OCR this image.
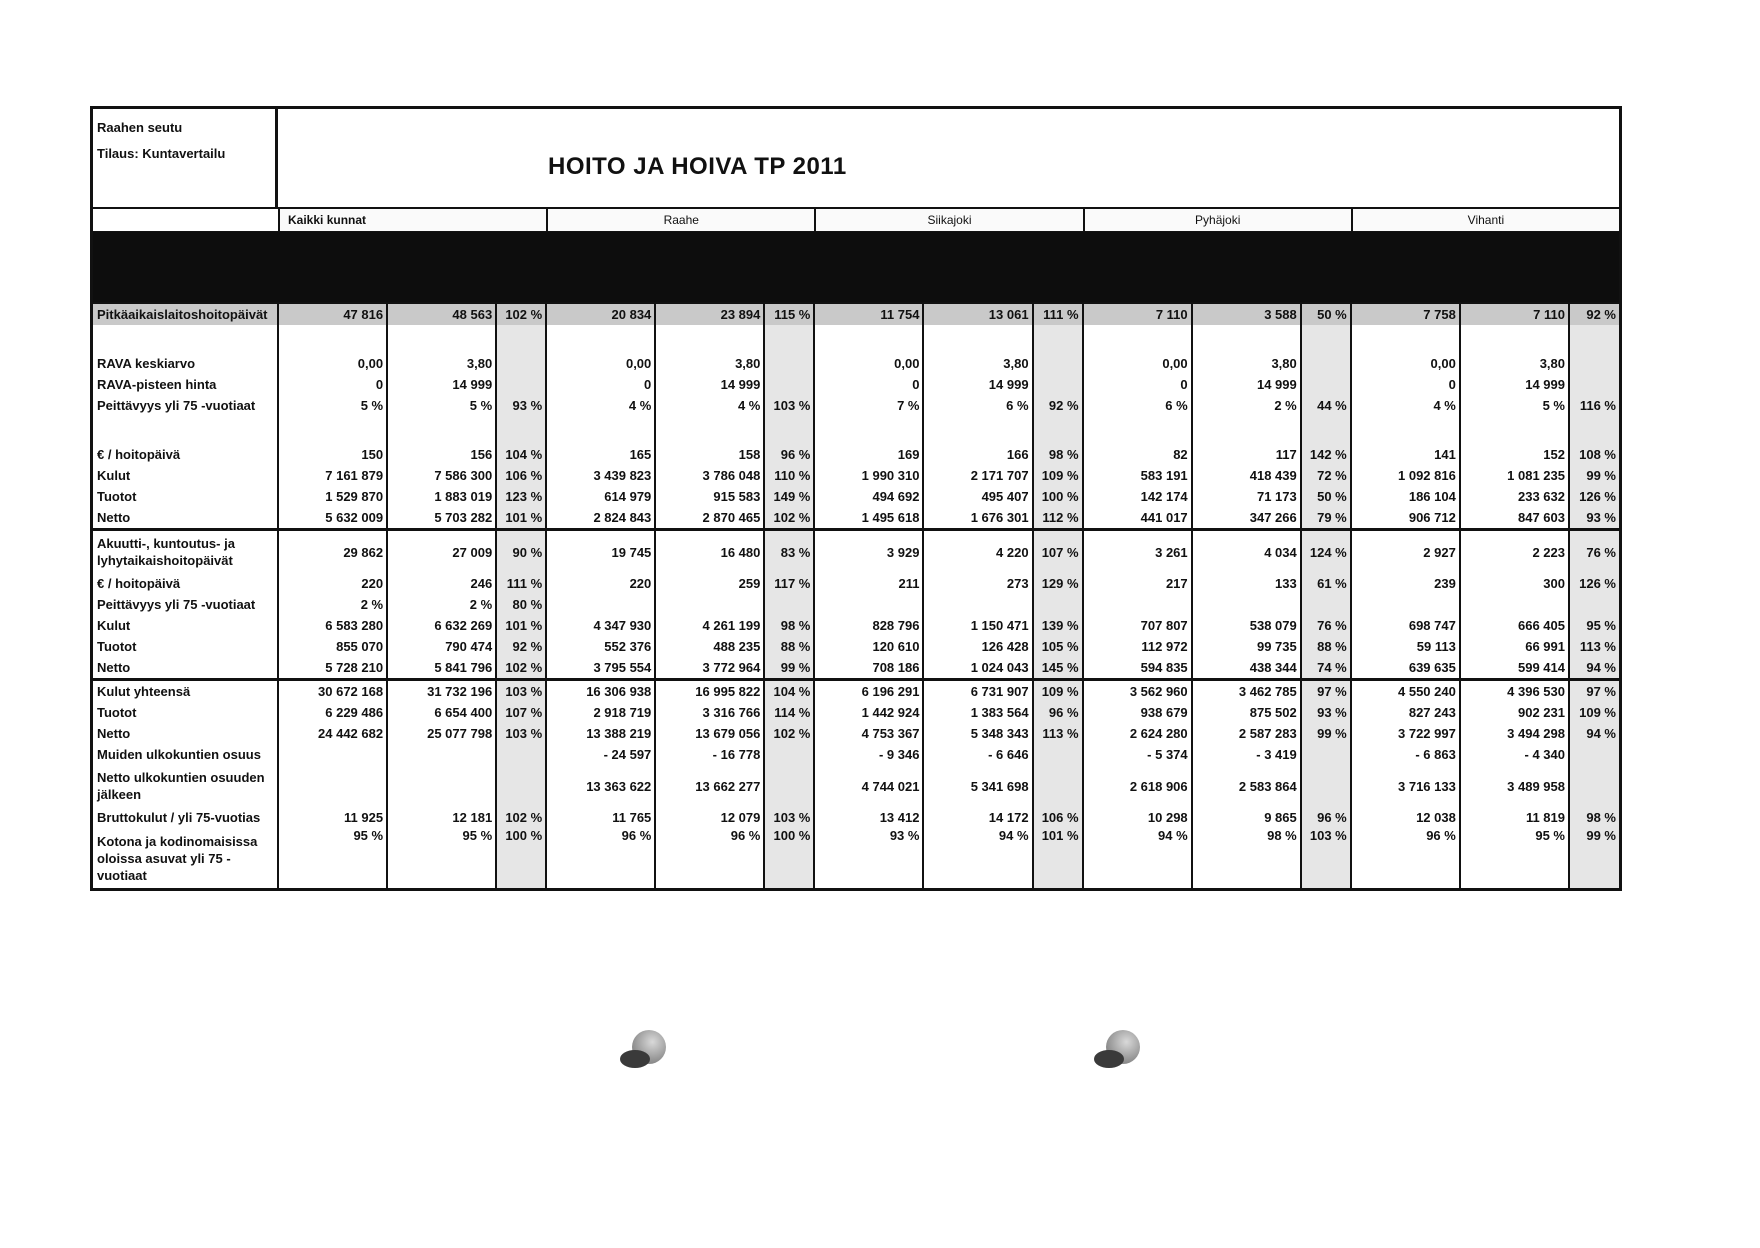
Raahen seutu
Tilaus: Kuntavertailu	HOITO JA HOIVA TP 2011
Kaikki kunnat	Raahe	Siikajoki	Pyhäjoki	Vihanti
Pitkäaikaislaitoshoitopäivät	47 816	48 563	102 %	20 834	23 894	115 %	11 754	13 061	111 %	7 110	3 588	50 %	7 758	7 110	92 %

RAVA keskiarvo	0,00	3,80		0,00	3,80		0,00	3,80		0,00	3,80		0,00	3,80	
RAVA-pisteen hinta	0	14 999		0	14 999		0	14 999		0	14 999		0	14 999	
Peittävyys yli 75 -vuotiaat	5 %	5 %	93 %	4 %	4 %	103 %	7 %	6 %	92 %	6 %	2 %	44 %	4 %	5 %	116 %

€ / hoitopäivä	150	156	104 %	165	158	96 %	169	166	98 %	82	117	142 %	141	152	108 %
Kulut	7 161 879	7 586 300	106 %	3 439 823	3 786 048	110 %	1 990 310	2 171 707	109 %	583 191	418 439	72 %	1 092 816	1 081 235	99 %
Tuotot	1 529 870	1 883 019	123 %	614 979	915 583	149 %	494 692	495 407	100 %	142 174	71 173	50 %	186 104	233 632	126 %
Netto	5 632 009	5 703 282	101 %	2 824 843	2 870 465	102 %	1 495 618	1 676 301	112 %	441 017	347 266	79 %	906 712	847 603	93 %
Akuutti-, kuntoutus- ja lyhytaikaishoitopäivät	29 862	27 009	90 %	19 745	16 480	83 %	3 929	4 220	107 %	3 261	4 034	124 %	2 927	2 223	76 %
€ / hoitopäivä	220	246	111 %	220	259	117 %	211	273	129 %	217	133	61 %	239	300	126 %
Peittävyys yli 75 -vuotiaat	2 %	2 %	80 %												
Kulut	6 583 280	6 632 269	101 %	4 347 930	4 261 199	98 %	828 796	1 150 471	139 %	707 807	538 079	76 %	698 747	666 405	95 %
Tuotot	855 070	790 474	92 %	552 376	488 235	88 %	120 610	126 428	105 %	112 972	99 735	88 %	59 113	66 991	113 %
Netto	5 728 210	5 841 796	102 %	3 795 554	3 772 964	99 %	708 186	1 024 043	145 %	594 835	438 344	74 %	639 635	599 414	94 %
Kulut yhteensä	30 672 168	31 732 196	103 %	16 306 938	16 995 822	104 %	6 196 291	6 731 907	109 %	3 562 960	3 462 785	97 %	4 550 240	4 396 530	97 %
Tuotot	6 229 486	6 654 400	107 %	2 918 719	3 316 766	114 %	1 442 924	1 383 564	96 %	938 679	875 502	93 %	827 243	902 231	109 %
Netto	24 442 682	25 077 798	103 %	13 388 219	13 679 056	102 %	4 753 367	5 348 343	113 %	2 624 280	2 587 283	99 %	3 722 997	3 494 298	94 %
Muiden ulkokuntien osuus				- 24 597	- 16 778		- 9 346	- 6 646		- 5 374	- 3 419		- 6 863	- 4 340	
Netto ulkokuntien osuuden jälkeen				13 363 622	13 662 277		4 744 021	5 341 698		2 618 906	2 583 864		3 716 133	3 489 958	
Bruttokulut / yli 75-vuotias	11 925	12 181	102 %	11 765	12 079	103 %	13 412	14 172	106 %	10 298	9 865	96 %	12 038	11 819	98 %
Kotona ja kodinomaisissa oloissa asuvat yli 75 -vuotiaat	95 %	95 %	100 %	96 %	96 %	100 %	93 %	94 %	101 %	94 %	98 %	103 %	96 %	95 %	99 %
